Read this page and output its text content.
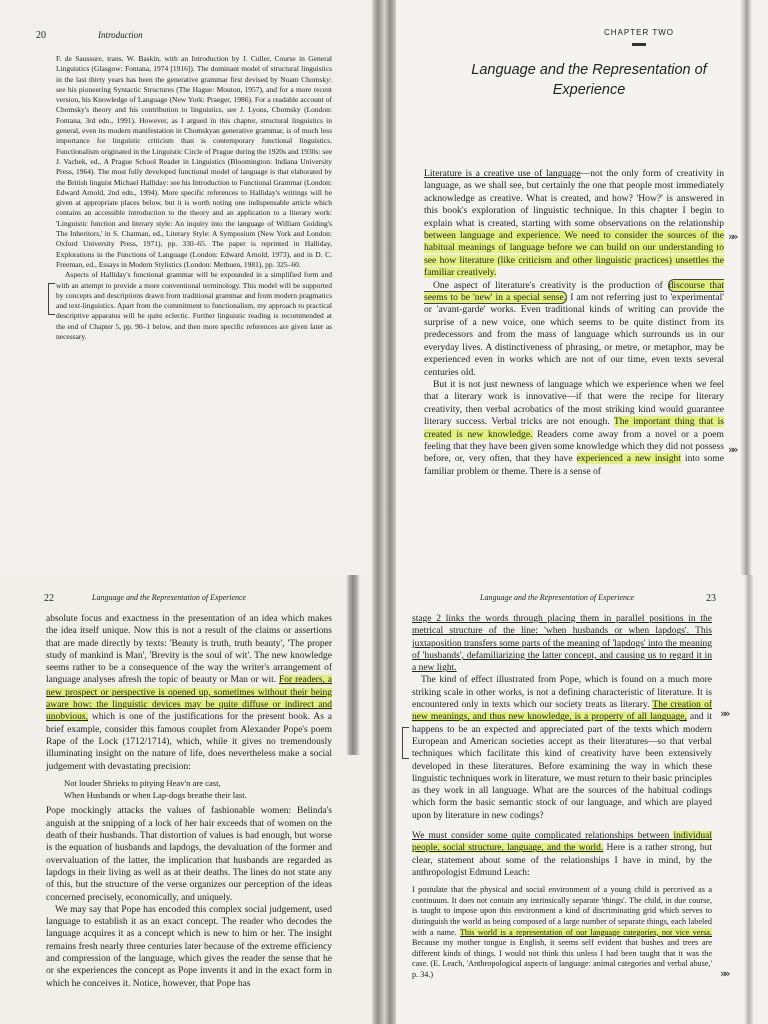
20	Introduction

F. de Saussure, trans. W. Baskin, with an Introduction by J. Culler, Course in General Linguistics (Glasgow: Fontana, 1974 [1916]). The dominant model of structural linguistics in the last thirty years has been the generative grammar first devised by Noam Chomsky: see his pioneering Syntactic Structures (The Hague: Mouton, 1957), and for a more recent version, his Knowledge of Language (New York: Praeger, 1986). For a readable account of Chomsky's theory and his contribution to linguistics, see J. Lyons, Chomsky (London: Fontana, 3rd edn., 1991). However, as I argued in this chapter, structural linguistics in general, even its modern manifestation in Chomskyan generative grammar, is of much less importance for linguistic criticism than is contemporary functional linguistics. Functionalism originated in the Linguistic Circle of Prague during the 1920s and 1930s: see J. Vachek, ed., A Prague School Reader in Linguistics (Bloomington: Indiana University Press, 1964). The most fully developed functional model of language is that elaborated by the British linguist Michael Halliday: see his Introduction to Functional Grammar (London: Edward Arnold, 2nd edn., 1994). More specific references to Halliday's writings will be given at appropriate places below, but it is worth noting one indispensable article which contains an accessible introduction to the theory and an application to a literary work: 'Linguistic function and literary style: An inquiry into the language of William Golding's The Inheritors,' in S. Chatman, ed., Literary Style: A Symposium (New York and London: Oxford University Press, 1971), pp. 330–65. The paper is reprinted in Halliday, Explorations in the Functions of Language (London: Edward Arnold, 1973), and in D. C. Freeman, ed., Essays in Modern Stylistics (London: Methuen, 1981), pp. 325–60.

Aspects of Halliday's functional grammar will be expounded in a simplified form and with an attempt to provide a more conventional terminology. This model will be supported by concepts and descriptions drawn from traditional grammar and from modern pragmatics and text-linguistics. Apart from the commitment to functionalism, my approach to practical descriptive apparatus will be quite eclectic. Further linguistic reading is recommended at the end of Chapter 5, pp. 90–1 below, and then more specific references are given later as necessary.

CHAPTER TWO
Language and the Representation of
Experience

Literature is a creative use of language—not the only form of creativity in language, as we shall see, but certainly the one that people most immediately acknowledge as creative. What is created, and how? 'How?' is answered in this book's exploration of linguistic technique. In this chapter I begin to explain what is created, starting with some observations on the relationship between language and experience. We need to consider the sources of the habitual meanings of language before we can build on our understanding to see how literature (like criticism and other linguistic practices) unsettles the familiar creatively.

One aspect of literature's creativity is the production of discourse that seems to be 'new' in a special sense. I am not referring just to 'experimental' or 'avant-garde' works. Even traditional kinds of writing can provide the surprise of a new voice, one which seems to be quite distinct from its predecessors and from the mass of language which surrounds us in our everyday lives. A distinctiveness of phrasing, or metre, or metaphor, may be experienced even in works which are not of our time, even texts several centuries old.

But it is not just newness of language which we experience when we feel that a literary work is innovative—if that were the recipe for literary creativity, then verbal acrobatics of the most striking kind would guarantee literary success. Verbal tricks are not enough. The important thing that is created is new knowledge. Readers come away from a novel or a poem feeling that they have been given some knowledge which they did not possess before, or, very often, that they have experienced a new insight into some familiar problem or theme. There is a sense of

»»
»»
22	Language and the Representation of Experience

absolute focus and exactness in the presentation of an idea which makes the idea itself unique. Now this is not a result of the claims or assertions that are made directly by texts: 'Beauty is truth, truth beauty', 'The proper study of mankind is Man', 'Brevity is the soul of wit'. The new knowledge seems rather to be a consequence of the way the writer's arrangement of language analyses afresh the topic of beauty or Man or wit. For readers, a new prospect or perspective is opened up, sometimes without their being aware how: the linguistic devices may be quite diffuse or indirect and unobvious, which is one of the justifications for the present book. As a brief example, consider this famous couplet from Alexander Pope's poem Rape of the Lock (1712/1714), which, while it gives no tremendously illuminating insight on the nature of life, does nevertheless make a social judgement with devastating precision:

Not louder Shrieks to pitying Heav'n are cast,
When Husbands or when Lap-dogs breathe their last.

Pope mockingly attacks the values of fashionable women: Belinda's anguish at the snipping of a lock of her hair exceeds that of women on the death of their husbands. That distortion of values is bad enough, but worse is the equation of husbands and lapdogs, the devaluation of the former and overvaluation of the latter, the implication that husbands are regarded as lapdogs in their living as well as at their deaths. The lines do not state any of this, but the structure of the verse organizes our perception of the ideas concerned precisely, economically, and uniquely.

We may say that Pope has encoded this complex social judgement, used language to establish it as an exact concept. The reader who decodes the language acquires it as a concept which is new to him or her. The insight remains fresh nearly three centuries later because of the extreme efficiency and compression of the language, which gives the reader the sense that he or she experiences the concept as Pope invents it and in the exact form in which he conceives it. Notice, however, that Pope has

Language and the Representation of Experience	23

stage 2 links the words through placing them in parallel positions in the metrical structure of the line: 'when husbands or when lapdogs'. This juxtaposition transfers some parts of the meaning of 'lapdogs' into the meaning of 'husbands', defamiliarizing the latter concept, and causing us to regard it in a new light.

The kind of effect illustrated from Pope, which is found on a much more striking scale in other works, is not a defining characteristic of literature. It is encountered only in texts which our society treats as literary. The creation of new meanings, and thus new knowledge, is a property of all language, and it happens to be an expected and appreciated part of the texts which modern European and American societies accept as their literatures—so that verbal techniques which facilitate this kind of creativity have been extensively developed in these literatures. Before examining the way in which these linguistic techniques work in literature, we must return to their basic principles as they work in all language. What are the sources of the habitual codings which form the basic semantic stock of our language, and which are played upon by literature in new codings?

We must consider some quite complicated relationships between individual people, social structure, language, and the world. Here is a rather strong, but clear, statement about some of the relationships I have in mind, by the anthropologist Edmund Leach:

I postulate that the physical and social environment of a young child is perceived as a continuum. It does not contain any intrinsically separate 'things'. The child, in due course, is taught to impose upon this environment a kind of discriminating grid which serves to distinguish the world as being composed of a large number of separate things, each labeled with a name. This world is a representation of our language categories, not vice versa. Because my mother tongue is English, it seems self evident that bushes and trees are different kinds of things. I would not think this unless I had been taught that it was the case. (E. Leach, 'Anthropological aspects of language: animal categories and verbal abuse,' p. 34.)

»»
»»
